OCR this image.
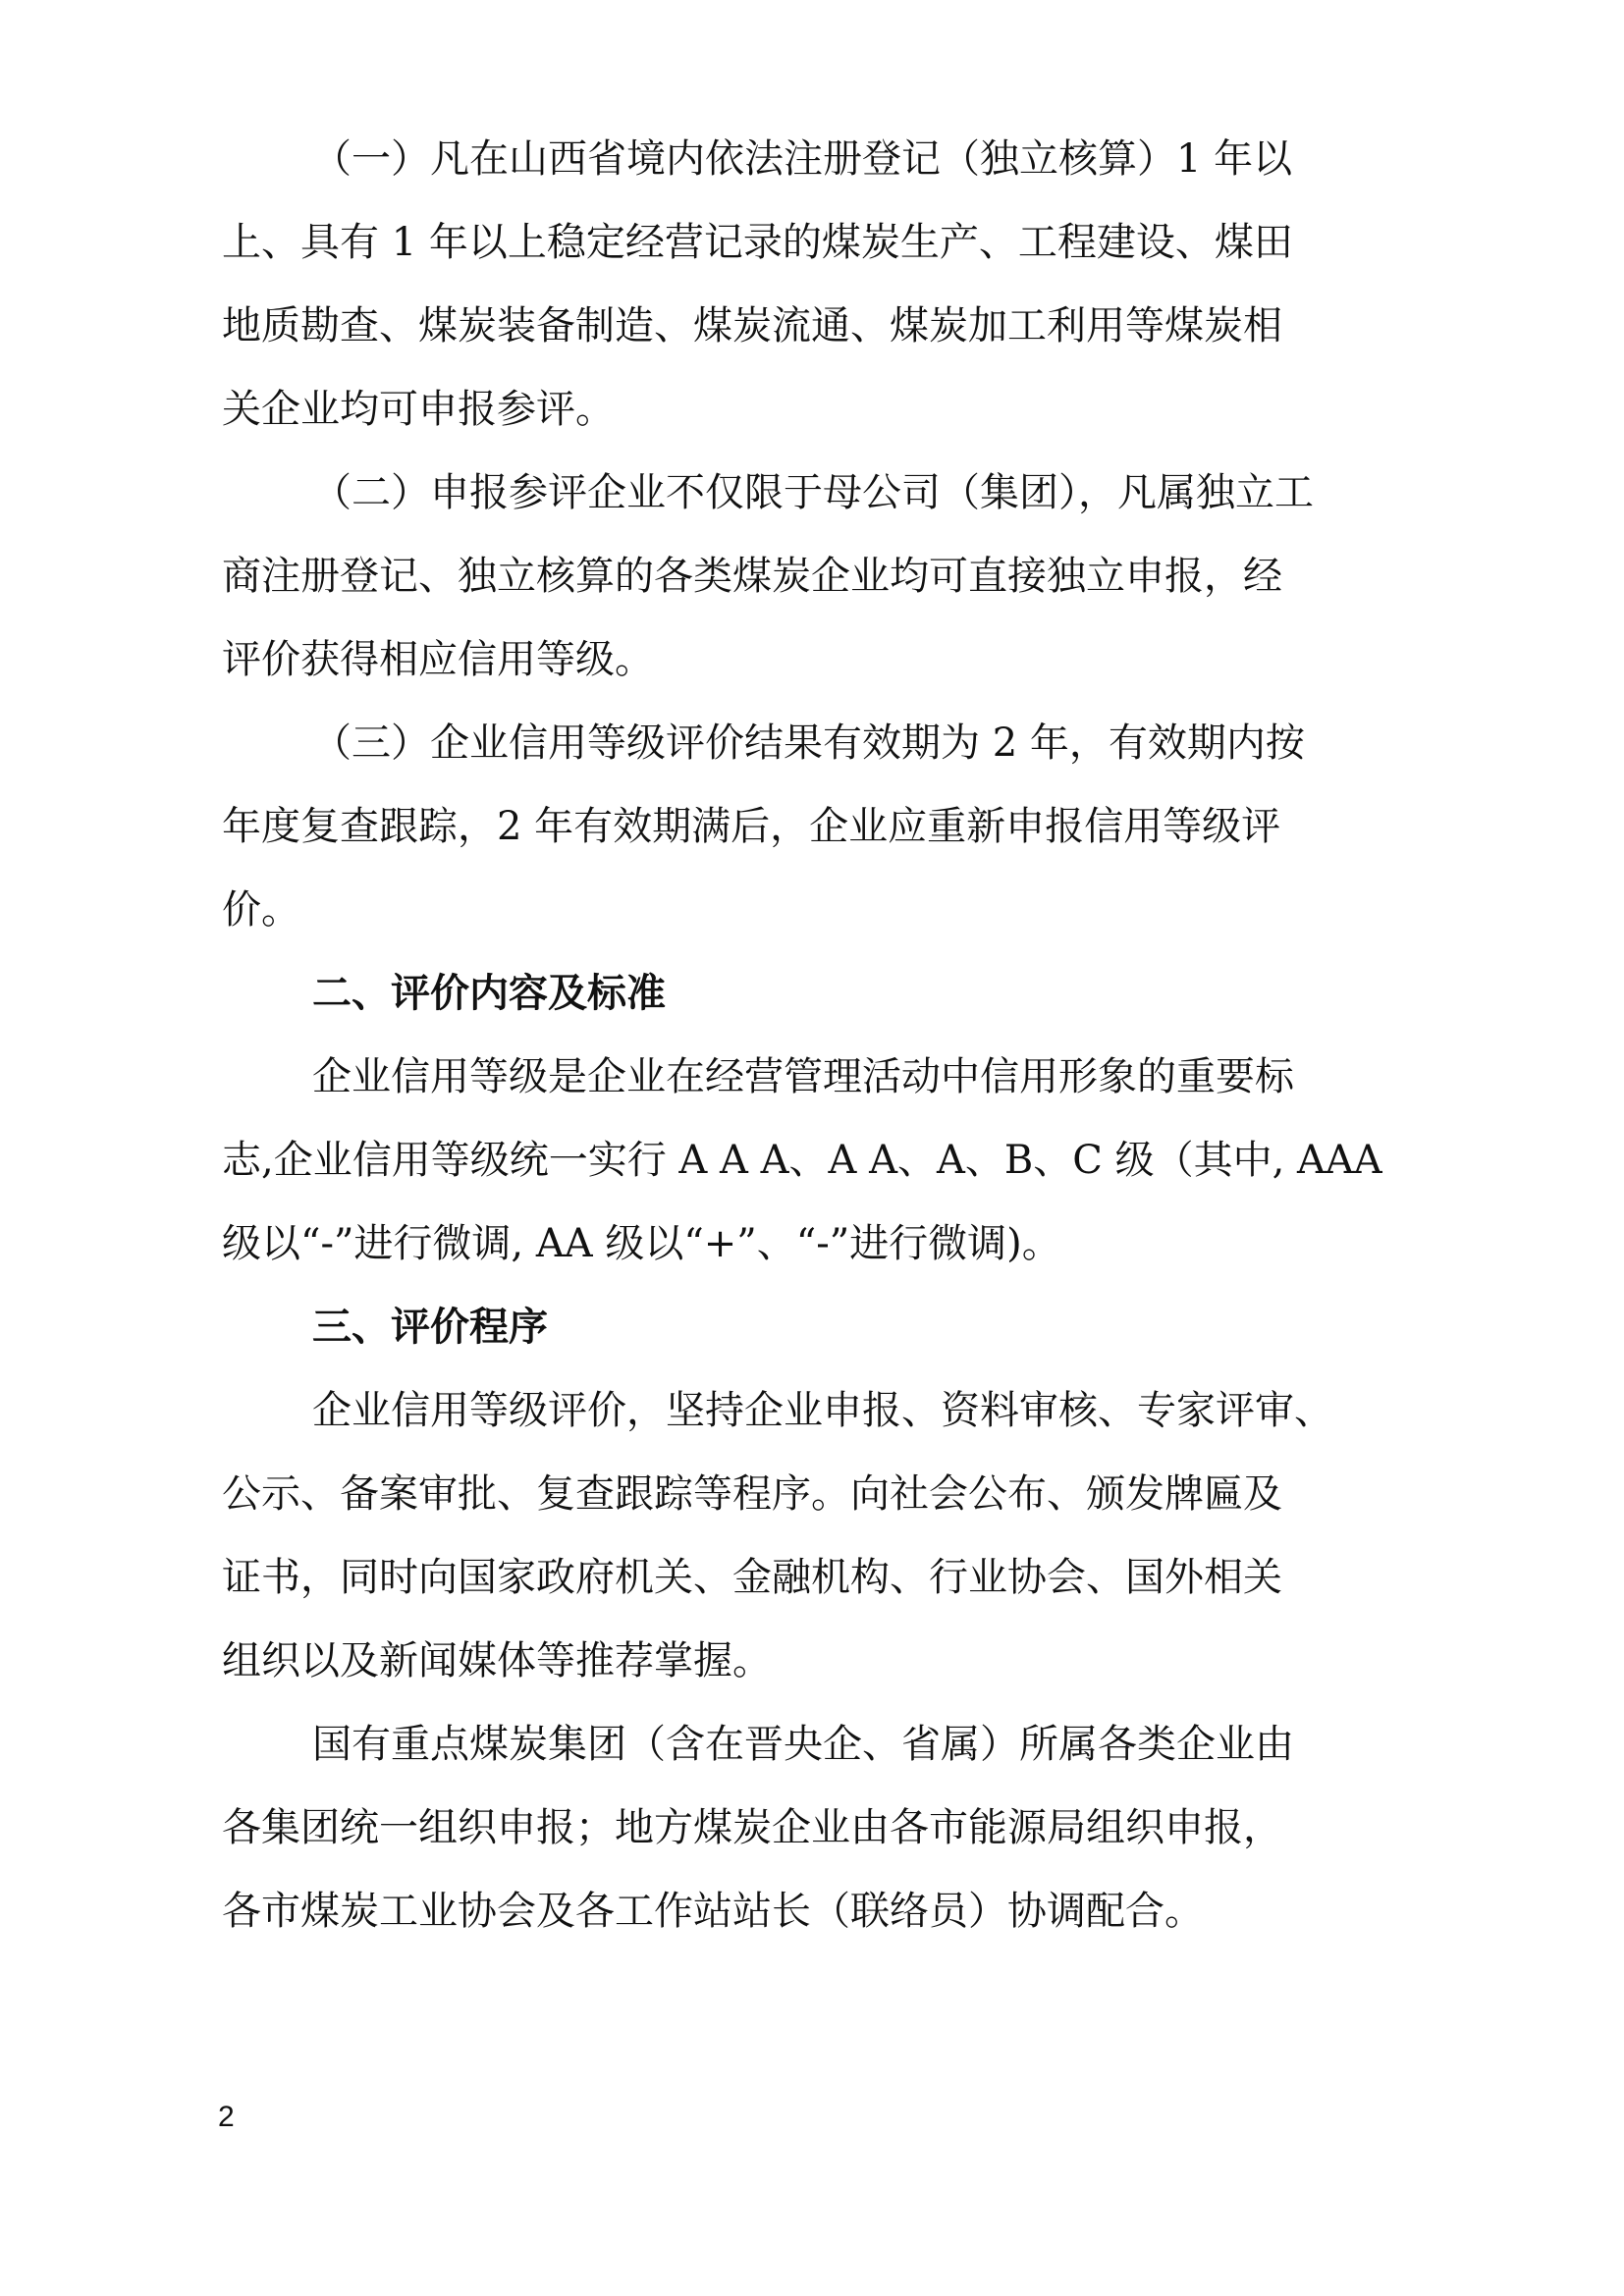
（一）凡在山西省境内依法注册登记（独立核算）1 年以
上、具有 1 年以上稳定经营记录的煤炭生产、工程建设、煤田
地质勘查、煤炭装备制造、煤炭流通、煤炭加工利用等煤炭相
关企业均可申报参评。
（二）申报参评企业不仅限于母公司（集团），凡属独立工
商注册登记、独立核算的各类煤炭企业均可直接独立申报，经
评价获得相应信用等级。
（三）企业信用等级评价结果有效期为 2 年，有效期内按
年度复查跟踪，2 年有效期满后，企业应重新申报信用等级评
价。
二、评价内容及标准
企业信用等级是企业在经营管理活动中信用形象的重要标
志,企业信用等级统一实行 A A A、A A、A、B、C 级（其中, AAA
级以“-”进行微调, AA 级以“+”、“-”进行微调)。
三、评价程序
企业信用等级评价，坚持企业申报、资料审核、专家评审、
公示、备案审批、复查跟踪等程序。向社会公布、颁发牌匾及
证书，同时向国家政府机关、金融机构、行业协会、国外相关
组织以及新闻媒体等推荐掌握。
国有重点煤炭集团（含在晋央企、省属）所属各类企业由
各集团统一组织申报；地方煤炭企业由各市能源局组织申报，
各市煤炭工业协会及各工作站站长（联络员）协调配合。
2
